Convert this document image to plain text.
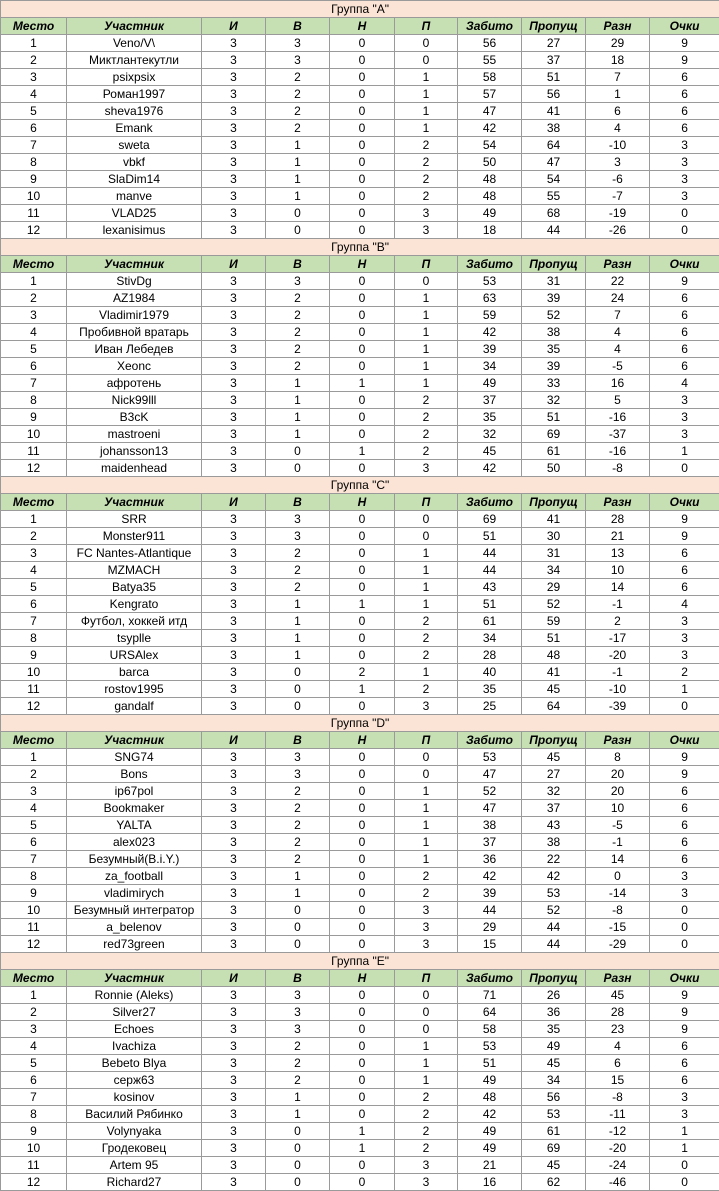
Группа "A"									
Место	Участник	И	В	Н	П	Забито	Пропущ	Разн	Очки
1	Veno/V\	3	3	0	0	56	27	29	9
2	Миктлантекутли	3	3	0	0	55	37	18	9
3	psixpsix	3	2	0	1	58	51	7	6
4	Роман1997	3	2	0	1	57	56	1	6
5	sheva1976	3	2	0	1	47	41	6	6
6	Emank	3	2	0	1	42	38	4	6
7	sweta	3	1	0	2	54	64	-10	3
8	vbkf	3	1	0	2	50	47	3	3
9	SlaDim14	3	1	0	2	48	54	-6	3
10	manve	3	1	0	2	48	55	-7	3
11	VLAD25	3	0	0	3	49	68	-19	0
12	lexanisimus	3	0	0	3	18	44	-26	0
Группа "B"									
Место	Участник	И	В	Н	П	Забито	Пропущ	Разн	Очки
1	StivDg	3	3	0	0	53	31	22	9
2	AZ1984	3	2	0	1	63	39	24	6
3	Vladimir1979	3	2	0	1	59	52	7	6
4	Пробивной вратарь	3	2	0	1	42	38	4	6
5	Иван Лебедев	3	2	0	1	39	35	4	6
6	Xeonc	3	2	0	1	34	39	-5	6
7	афротень	3	1	1	1	49	33	16	4
8	Nick99lll	3	1	0	2	37	32	5	3
9	B3cK	3	1	0	2	35	51	-16	3
10	mastroeni	3	1	0	2	32	69	-37	3
11	johansson13	3	0	1	2	45	61	-16	1
12	maidenhead	3	0	0	3	42	50	-8	0
Группа "C"									
Место	Участник	И	В	Н	П	Забито	Пропущ	Разн	Очки
1	SRR	3	3	0	0	69	41	28	9
2	Monster911	3	3	0	0	51	30	21	9
3	FC Nantes-Atlantique	3	2	0	1	44	31	13	6
4	MZMACH	3	2	0	1	44	34	10	6
5	Batya35	3	2	0	1	43	29	14	6
6	Kengrato	3	1	1	1	51	52	-1	4
7	Футбол, хоккей итд	3	1	0	2	61	59	2	3
8	tsyplle	3	1	0	2	34	51	-17	3
9	URSAlex	3	1	0	2	28	48	-20	3
10	barca	3	0	2	1	40	41	-1	2
11	rostov1995	3	0	1	2	35	45	-10	1
12	gandalf	3	0	0	3	25	64	-39	0
Группа "D"									
Место	Участник	И	В	Н	П	Забито	Пропущ	Разн	Очки
1	SNG74	3	3	0	0	53	45	8	9
2	Bons	3	3	0	0	47	27	20	9
3	ip67pol	3	2	0	1	52	32	20	6
4	Bookmaker	3	2	0	1	47	37	10	6
5	YALTA	3	2	0	1	38	43	-5	6
6	alex023	3	2	0	1	37	38	-1	6
7	Безумный(B.i.Y.)	3	2	0	1	36	22	14	6
8	za_football	3	1	0	2	42	42	0	3
9	vladimirych	3	1	0	2	39	53	-14	3
10	Безумный интегратор	3	0	0	3	44	52	-8	0
11	a_belenov	3	0	0	3	29	44	-15	0
12	red73green	3	0	0	3	15	44	-29	0
Группа "E"									
Место	Участник	И	В	Н	П	Забито	Пропущ	Разн	Очки
1	Ronnie (Aleks)	3	3	0	0	71	26	45	9
2	Silver27	3	3	0	0	64	36	28	9
3	Echoes	3	3	0	0	58	35	23	9
4	Ivachiza	3	2	0	1	53	49	4	6
5	Bebeto Blya	3	2	0	1	51	45	6	6
6	серж63	3	2	0	1	49	34	15	6
7	kosinov	3	1	0	2	48	56	-8	3
8	Василий Рябинко	3	1	0	2	42	53	-11	3
9	Volynyaka	3	0	1	2	49	61	-12	1
10	Гродековец	3	0	1	2	49	69	-20	1
11	Artem 95	3	0	0	3	21	45	-24	0
12	Richard27	3	0	0	3	16	62	-46	0
